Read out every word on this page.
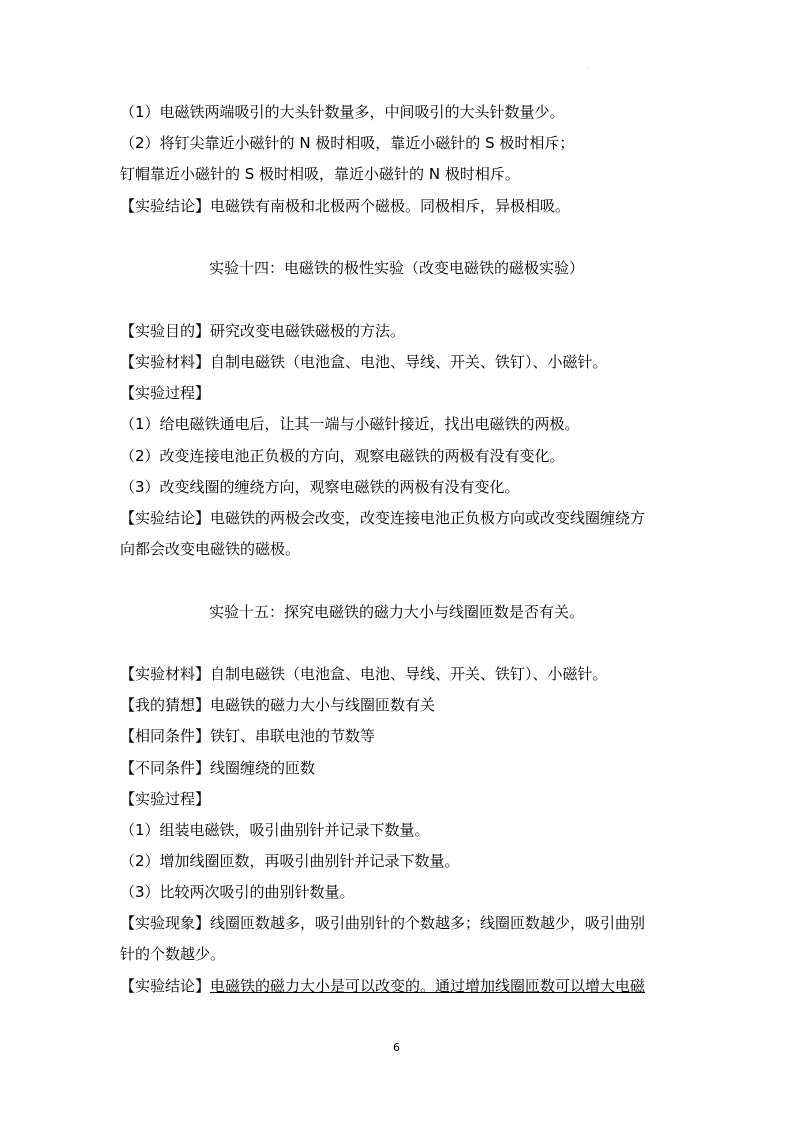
·
（1）电磁铁两端吸引的大头针数量多，中间吸引的大头针数量少。
（2）将钉尖靠近小磁针的 N 极时相吸，靠近小磁针的 S 极时相斥；
钉帽靠近小磁针的 S 极时相吸，靠近小磁针的 N 极时相斥。
【实验结论】电磁铁有南极和北极两个磁极。同极相斥，异极相吸。
实验十四：电磁铁的极性实验（改变电磁铁的磁极实验）
【实验目的】研究改变电磁铁磁极的方法。
【实验材料】自制电磁铁（电池盒、电池、导线、开关、铁钉）、小磁针。
【实验过程】
（1）给电磁铁通电后，让其一端与小磁针接近，找出电磁铁的两极。
（2）改变连接电池正负极的方向，观察电磁铁的两极有没有变化。
（3）改变线圈的缠绕方向，观察电磁铁的两极有没有变化。
【实验结论】电磁铁的两极会改变，改变连接电池正负极方向或改变线圈缠绕方
向都会改变电磁铁的磁极。
实验十五：探究电磁铁的磁力大小与线圈匝数是否有关。
【实验材料】自制电磁铁（电池盒、电池、导线、开关、铁钉）、小磁针。
【我的猜想】电磁铁的磁力大小与线圈匝数有关
【相同条件】铁钉、串联电池的节数等
【不同条件】线圈缠绕的匝数
【实验过程】
（1）组装电磁铁，吸引曲别针并记录下数量。
（2）增加线圈匝数，再吸引曲别针并记录下数量。
（3）比较两次吸引的曲别针数量。
【实验现象】线圈匝数越多，吸引曲别针的个数越多；线圈匝数越少，吸引曲别
针的个数越少。
【实验结论】电磁铁的磁力大小是可以改变的。通过增加线圈匝数可以增大电磁
6
